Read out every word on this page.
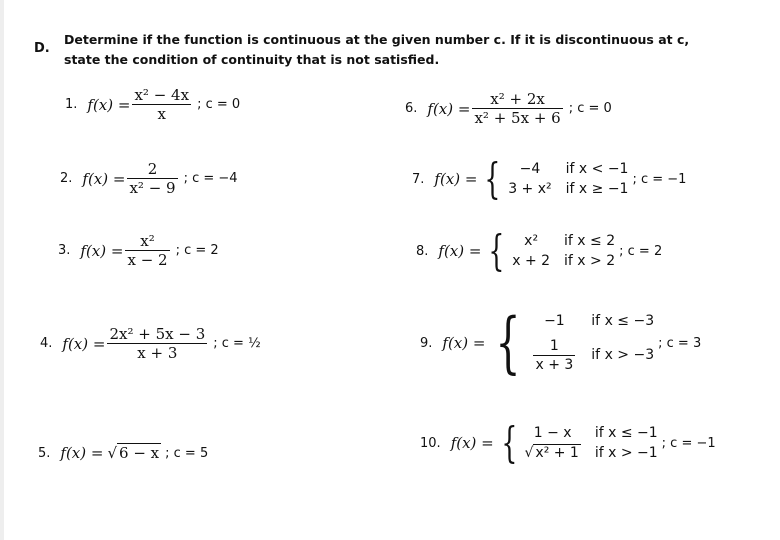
D.
Determine if the function is continuous at the given number c. If it is discontinuous at c,
state the condition of continuity that is not satisfied.
1. $f(x) = \frac{\text{x² − 4x}}{x}$ ; c = 0
2. $f(x) = \frac{2}{\text{x² − 9}}$ ; c = −4
3. $f(x) = \frac{\text{x²}}{x - 2}$ ; c = 2
4. $f(x) = \frac{\text{2x² + 5x − 3}}{x + 3}$ ; c = ½
5. f(x) = √ 6 − x ; c = 5
6. $f(x) = \frac{\text{x² + 2x}}{\text{x² + 5x + 6}}$ ; c = 0
7. f(x) = {	−4	if x < −1
3 + x² if x ≥ −1
; c = −1
8. f(x) = {	x²	if x ≤ 2
x + 2 if x > 2
; c = 2
9. f(x) = {	−1	if x ≤ −3
$\frac{1}{x + 3}$ if x > −3
; c = 3
10. f(x) = {	1 − x	if x ≤ −1
√ x² + 1 if x > −1
; c = −1
